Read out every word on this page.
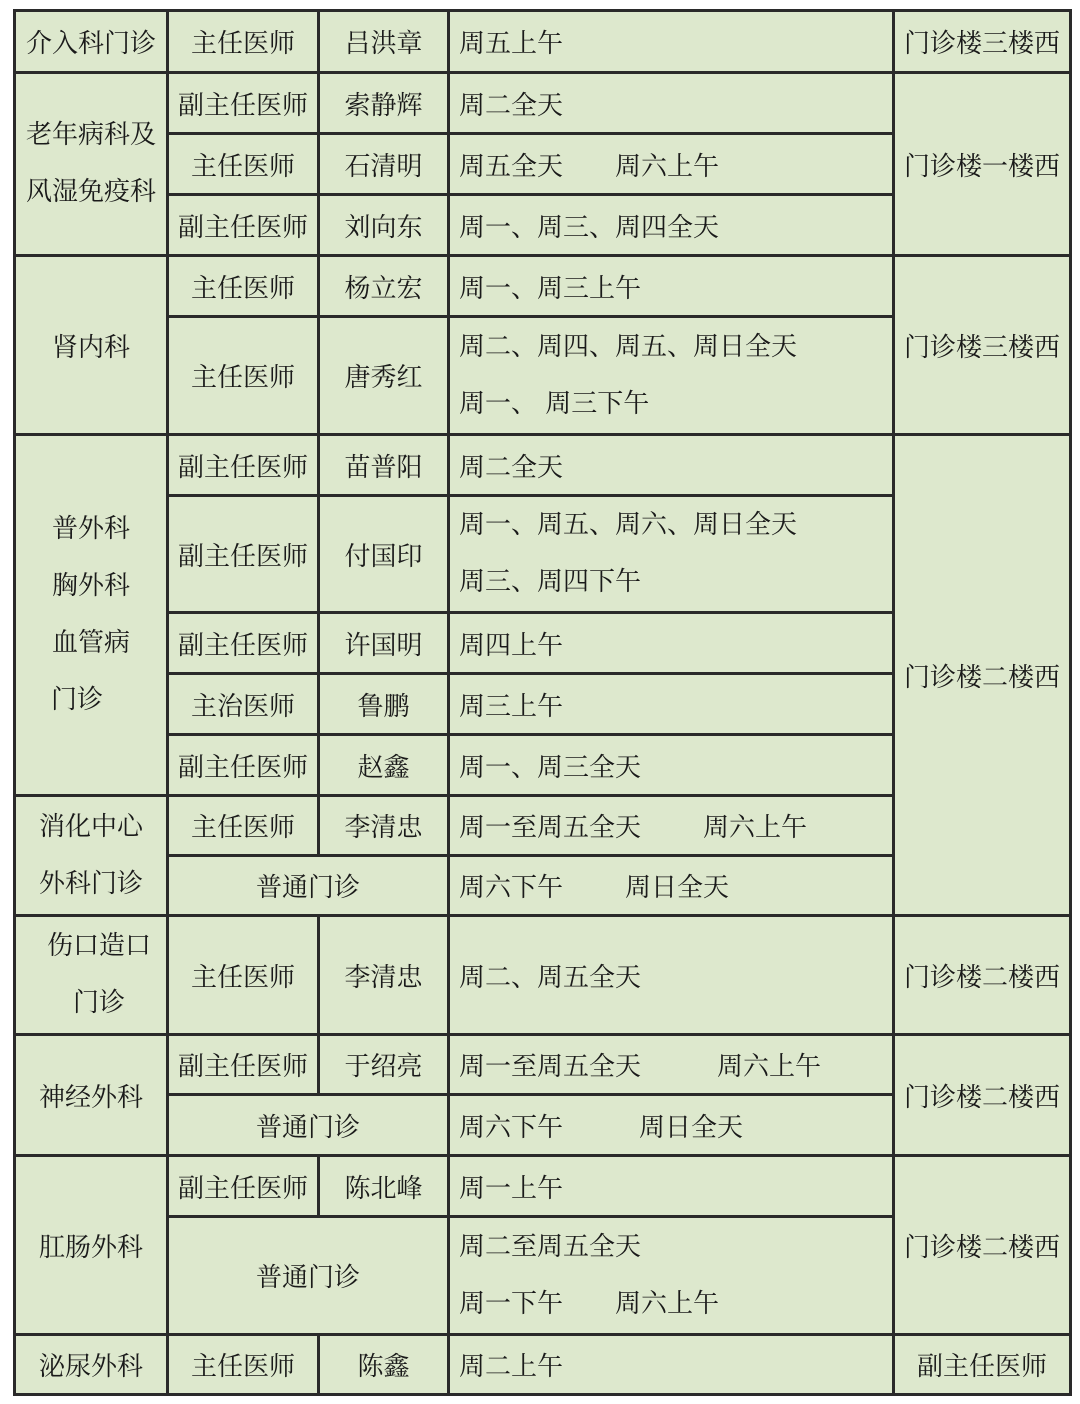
介入科门诊	主任医师	吕洪章	周五上午	门诊楼三楼西

老年病科及
风湿免疫科	副主任医师	索静辉	周二全天	门诊楼一楼西
	主任医师	石清明	周五全天 周六上午	
	副主任医师	刘向东	周一、周三、周四全天	
肾内科	主任医师	杨立宏	周一、周三上午	门诊楼三楼西
	主任医师	唐秀红	周二、周四、周五、周日全天
周一、 周三下午	

普外科
胸外科
血管病
门诊	副主任医师	苗普阳	周二全天	门诊楼二楼西
	副主任医师	付国印	周一、周五、周六、周日全天
周三、周四下午	

	副主任医师	许国明	周四上午	
	主治医师	鲁鹏	周三上午	
	副主任医师	赵鑫	周一、周三全天	

消化中心
外科门诊	主任医师	李清忠	周一至周五全天 周六上午	
	普通门诊		周六下午 周日全天	

伤口造口
门诊	主任医师	李清忠	周二、周五全天	门诊楼二楼西
神经外科	副主任医师	于绍亮	周一至周五全天 周六上午	门诊楼二楼西
	普通门诊		周六下午 周日全天	
肛肠外科	副主任医师	陈北峰	周一上午	门诊楼二楼西
	普通门诊		周二至周五全天
周一下午 周六上午	

泌尿外科	主任医师	陈鑫	周二上午	副主任医师
